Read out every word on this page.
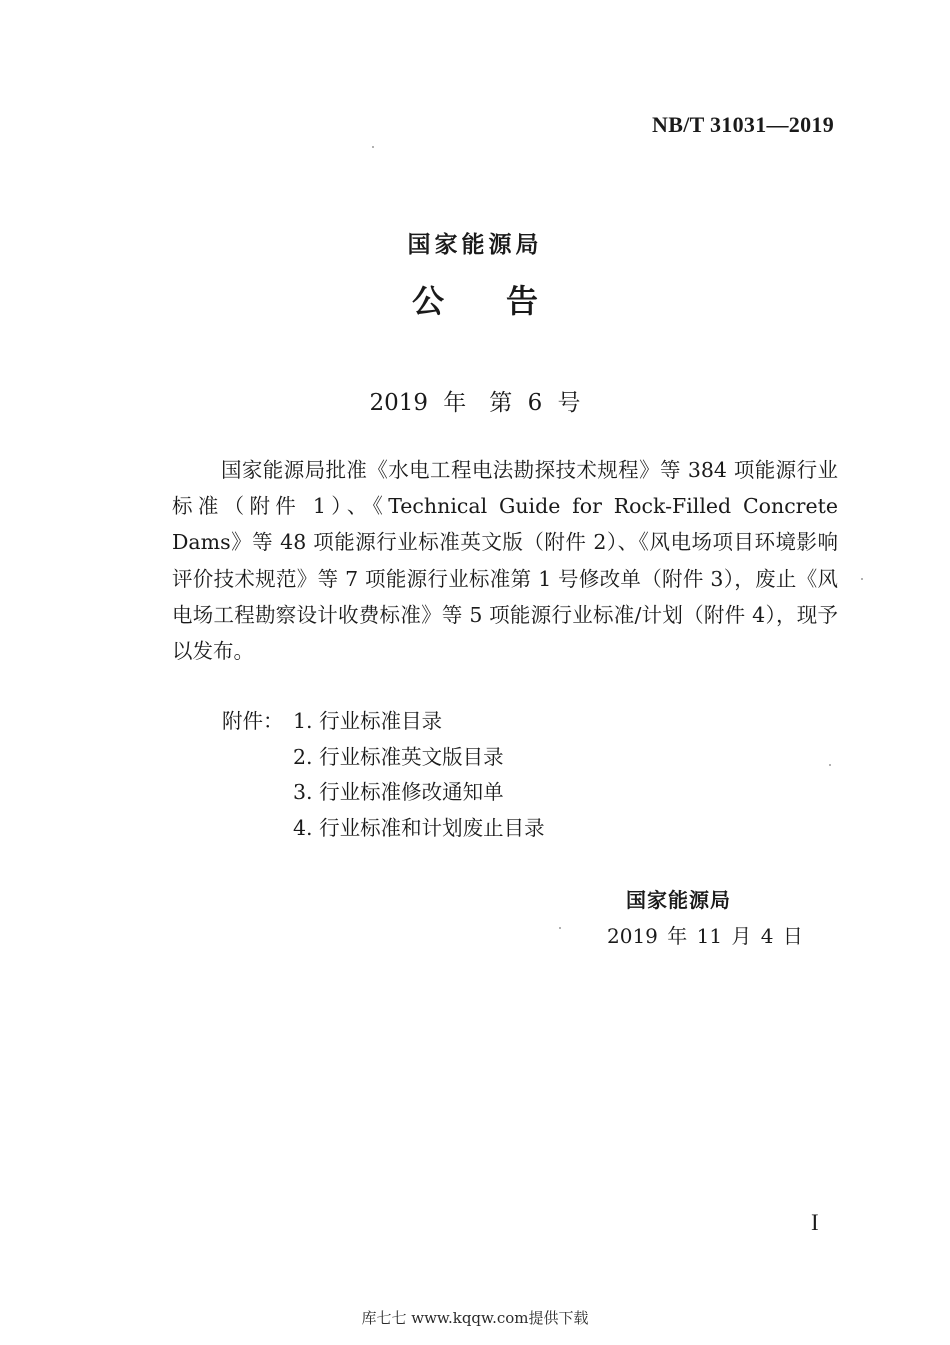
NB/T 31031—2019
国家能源局
公告
2019 年　第 6 号

国家能源局批准《水电工程电法勘探技术规程》等 384 项能源行业标准（附件 1）、《Technical Guide for Rock-Filled Concrete Dams》等 48 项能源行业标准英文版（附件 2）、《风电场项目环境影响评价技术规范》等 7 项能源行业标准第 1 号修改单（附件 3），废止《风电场工程勘察设计收费标准》等 5 项能源行业标准/计划（附件 4），现予以发布。

附件： 1. 行业标准目录
2. 行业标准英文版目录
3. 行业标准修改通知单
4. 行业标准和计划废止目录
国家能源局
2019 年 11 月 4 日
I
库七七 www.kqqw.com提供下载
